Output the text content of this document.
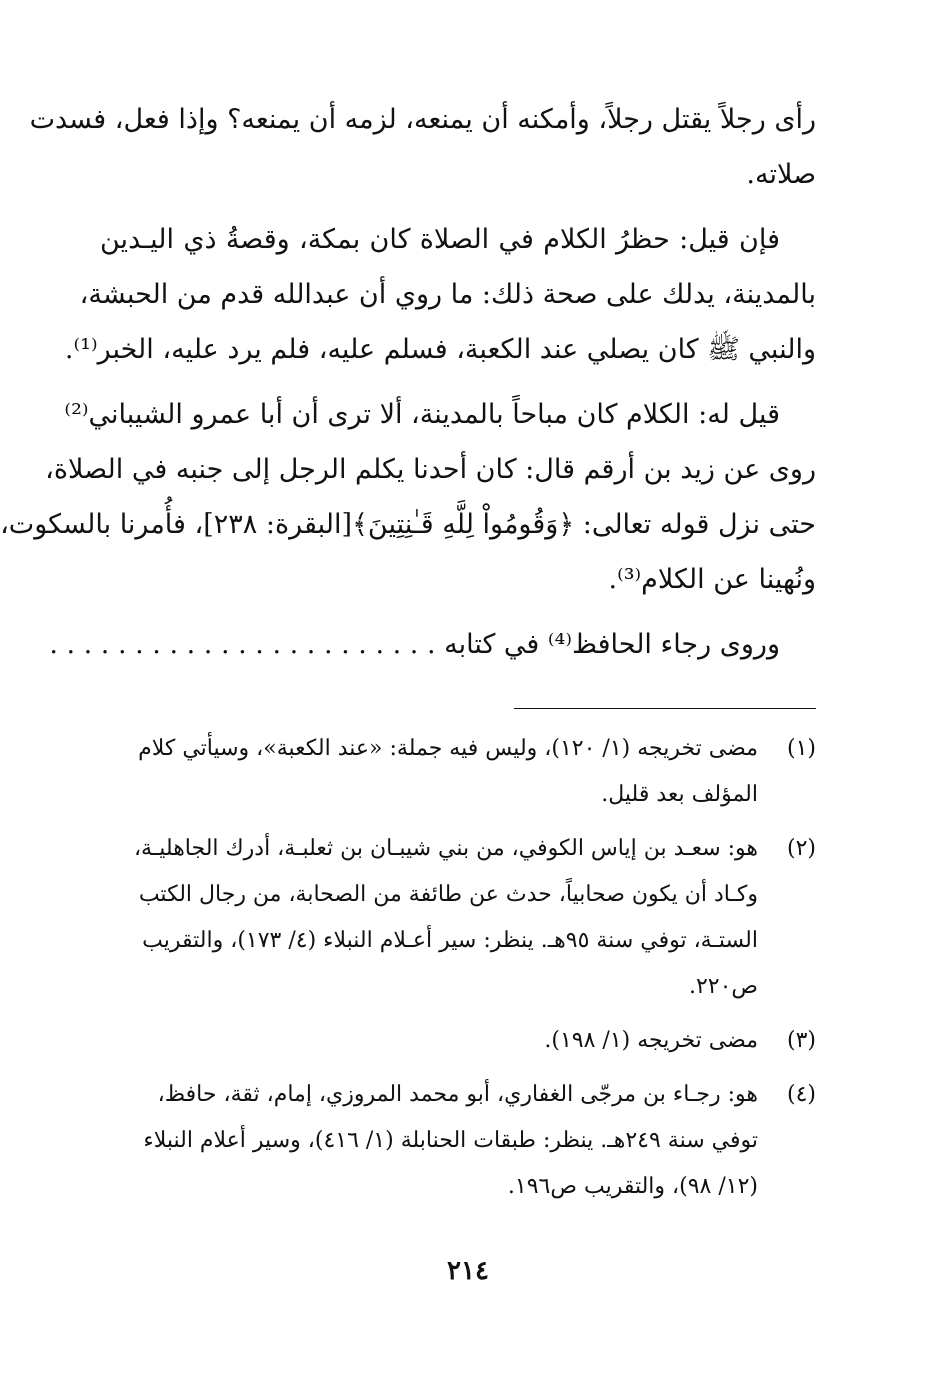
رأى رجلاً يقتل رجلاً، وأمكنه أن يمنعه، لزمه أن يمنعه؟ وإذا فعل، فسدت
صلاته.
فإن قيل: حظرُ الكلام في الصلاة كان بمكة، وقصةُ ذي اليـدين
بالمدينة، يدلك على صحة ذلك: ما روي أن عبدالله قدم من الحبشة،
والنبي ﷺ كان يصلي عند الكعبة، فسلم عليه، فلم يرد عليه، الخبر⁽¹⁾.
قيل له: الكلام كان مباحاً بالمدينة، ألا ترى أن أبا عمرو الشيباني⁽²⁾
روى عن زيد بن أرقم قال: كان أحدنا يكلم الرجل إلى جنبه في الصلاة،
حتى نزل قوله تعالى: ﴿وَقُومُواْ لِلَّهِ قَـٰنِتِينَ﴾[البقرة: ٢٣٨]، فأُمرنا بالسكوت،
ونُهينا عن الكلام⁽³⁾.
وروى رجاء الحافظ⁽⁴⁾ في كتابه . . . . . . . . . . . . . . . . . . . . . . .
(١)
مضى تخريجه (١/ ١٢٠)، وليس فيه جملة: «عند الكعبة»، وسيأتي كلام
المؤلف بعد قليل.
(٢)
هو: سعـد بن إياس الكوفي، من بني شيبـان بن ثعلبـة، أدرك الجاهليـة،
وكـاد أن يكون صحابياً، حدث عن طائفة من الصحابة، من رجال الكتب
الستـة، توفي سنة ٩٥هـ. ينظر: سير أعـلام النبلاء (٤/ ١٧٣)، والتقريب
ص٢٢٠.
(٣)
مضى تخريجه (١/ ١٩٨).
(٤)
هو: رجـاء بن مرجّى الغفاري، أبو محمد المروزي، إمام، ثقة، حافظ،
توفي سنة ٢٤٩هـ. ينظر: طبقات الحنابلة (١/ ٤١٦)، وسير أعلام النبلاء
(١٢/ ٩٨)، والتقريب ص١٩٦.
٢١٤
